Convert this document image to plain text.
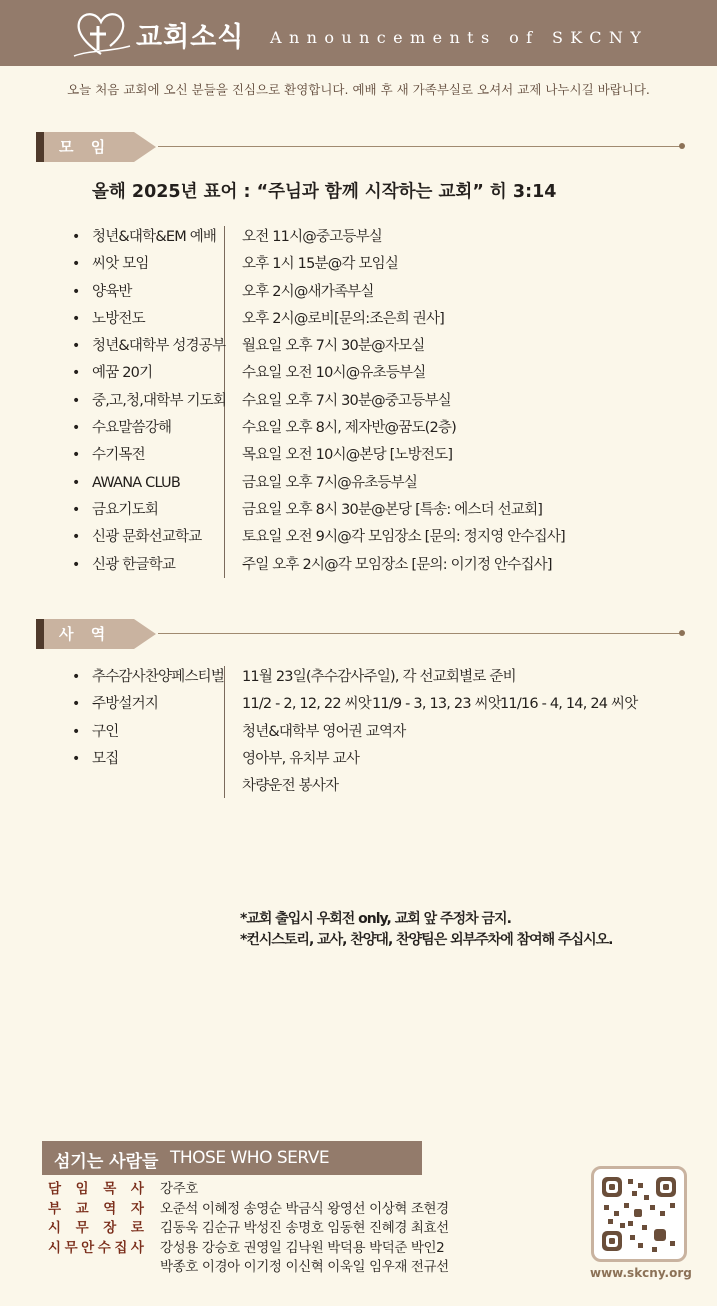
교회소식 Announcements of SKCNY
오늘 처음 교회에 오신 분들을 진심으로 환영합니다. 예배 후 새 가족부실로 오셔서 교제 나누시길 바랍니다.
모 임
올해 2025년 표어 : “주님과 함께 시작하는 교회” 히 3:14
• 청년&대학&EM 예배 오전 11시@중고등부실
• 씨앗 모임	오후 1시 15분@각 모임실
• 양육반	오후 2시@새가족부실
• 노방전도	오후 2시@로비[문의:조은희 권사]
• 청년&대학부 성경공부 월요일 오후 7시 30분@자모실
• 예꿈 20기	수요일 오전 10시@유초등부실
• 중,고,청,대학부 기도회 수요일 오후 7시 30분@중고등부실
• 수요말씀강해	수요일 오후 8시, 제자반@꿈도(2층)
• 수기목전	목요일 오전 10시@본당 [노방전도]
• AWANA CLUB	금요일 오후 7시@유초등부실
• 금요기도회	금요일 오후 8시 30분@본당 [특송: 에스더 선교회]
• 신광 문화선교학교	토요일 오전 9시@각 모임장소 [문의: 정지영 안수집사]
• 신광 한글학교	주일 오후 2시@각 모임장소 [문의: 이기정 안수집사]
사 역
• 추수감사찬양페스티벌 11월 23일(추수감사주일), 각 선교회별로 준비
• 주방설거지	11/2 - 2, 12, 22 씨앗 11/9 - 3, 13, 23 씨앗 11/16 - 4, 14, 24 씨앗
• 구인	청년&대학부 영어권 교역자
• 모집	영아부, 유치부 교사
차량운전 봉사자
*교회 출입시 우회전 only, 교회 앞 주정차 금지.
*컨시스토리, 교사, 찬양대, 찬양팀은 외부주차에 참여해 주십시오.
섬기는 사람들 THOSE WHO SERVE
담 임 목 사 강주호
부 교 역 자 오준석 이혜정 송영순 박금식 왕영선 이상혁 조현경
시 무 장 로 김동욱 김순규 박성진 송명호 임동현 진혜경 최효선
시 무 안 수 집 사 강성용 강승호 권영일 김낙원 박덕용 박덕준 박인2
박종호 이경아 이기정 이신혁 이욱일 임우재 전규선	www.skcny.org
